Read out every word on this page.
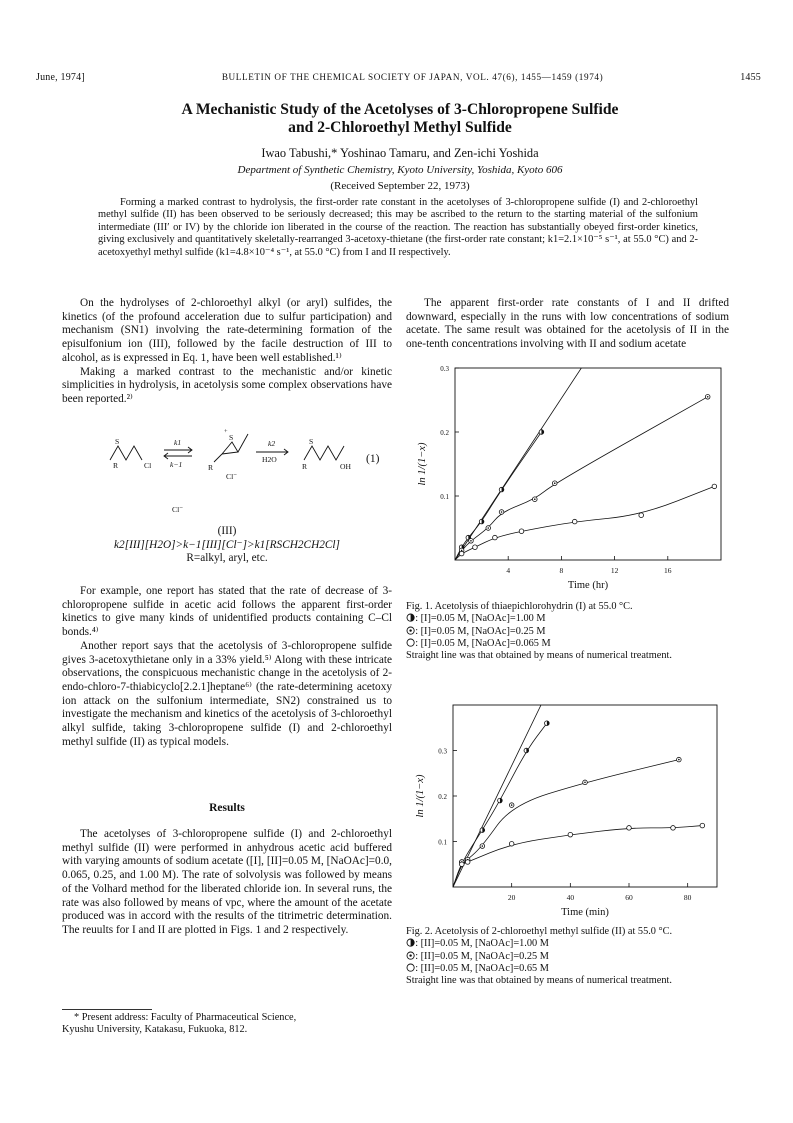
June, 1974]	BULLETIN OF THE CHEMICAL SOCIETY OF JAPAN, VOL. 47(6), 1455—1459 (1974)	1455
A Mechanistic Study of the Acetolyses of 3-Chloropropene Sulfide
and 2-Chloroethyl Methyl Sulfide
Iwao Tabushi,* Yoshinao Tamaru, and Zen-ichi Yoshida
Department of Synthetic Chemistry, Kyoto University, Yoshida, Kyoto 606
(Received September 22, 1973)
Forming a marked contrast to hydrolysis, the first-order rate constant in the acetolyses of 3-chloropropene sulfide (I) and 2-chloroethyl methyl sulfide (II) has been observed to be seriously decreased; this may be ascribed to the return to the starting material of the sulfonium intermediate (III′ or IV) by the chloride ion liberated in the course of the reaction. The reaction has substantially obeyed first-order kinetics, giving exclusively and quantitatively skeletally-rearranged 3-acetoxy-thietane (the first-order rate constant; k1=2.1×10⁻⁵ s⁻¹, at 55.0 °C) and 2-acetoxyethyl methyl sulfide (k1=4.8×10⁻⁴ s⁻¹, at 55.0 °C) from I and II respectively.

On the hydrolyses of 2-chloroethyl alkyl (or aryl) sulfides, the kinetics (of the profound acceleration due to sulfur participation) and mechanism (SN1) involving the rate-determining formation of the episulfonium ion (III), followed by the facile destruction of III to alcohol, as is expressed in Eq. 1, have been well established.¹⁾

Making a marked contrast to the mechanistic and/or kinetic simplicities in hydrolysis, in acetolysis some complex observations have been reported.²⁾

R
S
Cl
k1
k−1
S
+
R
Cl⁻
k2
H2O
R
S
OH
Cl⁻
(1)
(III)
k2[III][H2O]>k−1[III][Cl⁻]>k1[RSCH2CH2Cl]
R=alkyl, aryl, etc.

For example, one report has stated that the rate of decrease of 3-chloropropene sulfide in acetic acid follows the apparent first-order kinetics to give many kinds of unidentified products containing C–Cl bonds.⁴⁾

Another report says that the acetolysis of 3-chloropropene sulfide gives 3-acetoxythietane only in a 33% yield.⁵⁾ Along with these intricate observations, the conspicuous mechanistic change in the acetolysis of 2-endo-chloro-7-thiabicyclo[2.2.1]heptane⁶⁾ (the rate-determining acetoxy ion attack on the sulfonium intermediate, SN2) constrained us to investigate the mechanism and kinetics of the acetolysis of 3-chloroethyl alkyl sulfide, taking 3-chloropropene sulfide (I) and 2-chloroethyl methyl sulfide (II) as typical models.

Results

The acetolyses of 3-chloropropene sulfide (I) and 2-chloroethyl methyl sulfide (II) were performed in anhydrous acetic acid buffered with varying amounts of sodium acetate ([I], [II]=0.05 M, [NaOAc]=0.0, 0.065, 0.25, and 1.00 M). The rate of solvolysis was followed by means of the Volhard method for the liberated chloride ion. In several runs, the rate was also followed by means of vpc, where the amount of the acetate produced was in accord with the results of the titrimetric determination. The reuults for I and II are plotted in Figs. 1 and 2 respectively.

* Present address: Faculty of Pharmaceutical Science,
Kyushu University, Katakasu, Fukuoka, 812.

The apparent first-order rate constants of I and II drifted downward, especially in the runs with low concentrations of sodium acetate. The same result was obtained for the acetolysis of II in the one-tenth concentrations involving with II and sodium acetate

4	8	12	16
0.1
0.2
0.3
Time (hr)
ln 1/(1−x)
Fig. 1. Acetolysis of thiaepichlorohydrin (I) at 55.0 °C.
: [I]=0.05 M, [NaOAc]=1.00 M
: [I]=0.05 M, [NaOAc]=0.25 M
: [I]=0.05 M, [NaOAc]=0.065 M
Straight line was that obtained by means of numerical treatment.
20	40	60	80
0.1
0.2
0.3
Time (min)
ln 1/(1−x)
Fig. 2. Acetolysis of 2-chloroethyl methyl sulfide (II) at 55.0 °C.
: [II]=0.05 M, [NaOAc]=1.00 M
: [II]=0.05 M, [NaOAc]=0.25 M
: [II]=0.05 M, [NaOAc]=0.65 M
Straight line was that obtained by means of numerical treatment.
